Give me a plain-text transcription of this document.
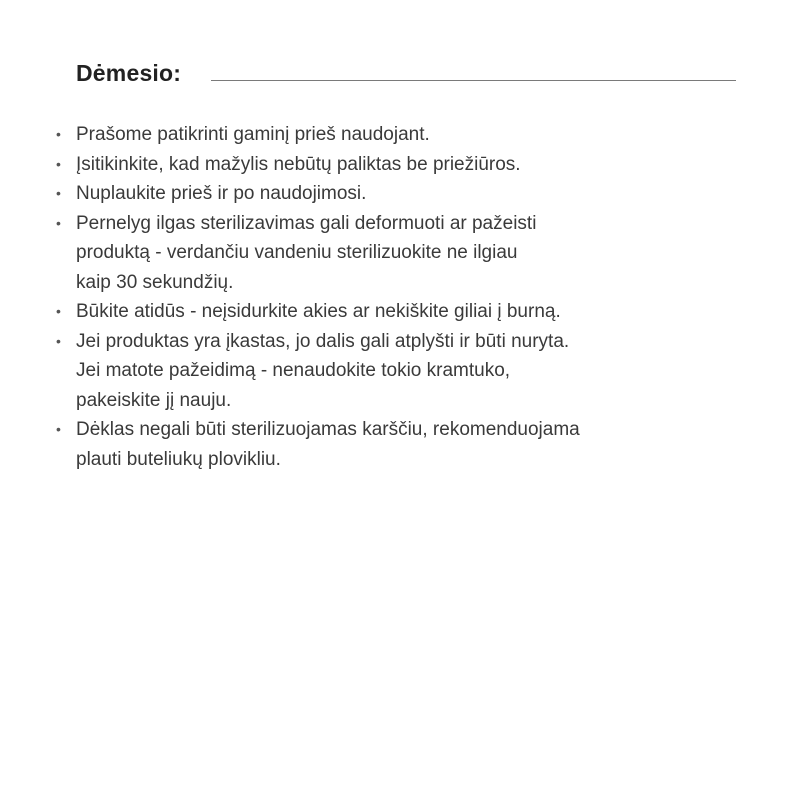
Dėmesio:
• Prašome patikrinti gaminį prieš naudojant.
• Įsitikinkite, kad mažylis nebūtų paliktas be priežiūros.
• Nuplaukite prieš ir po naudojimosi.
• Pernelyg ilgas sterilizavimas gali deformuoti ar pažeisti
produktą - verdančiu vandeniu sterilizuokite ne ilgiau
kaip 30 sekundžių.
• Būkite atidūs - neįsidurkite akies ar nekiškite giliai į burną.
• Jei produktas yra įkastas, jo dalis gali atplyšti ir būti nuryta.
Jei matote pažeidimą - nenaudokite tokio kramtuko,
pakeiskite jį nauju.
• Dėklas negali būti sterilizuojamas karščiu, rekomenduojama
plauti buteliukų plovikliu.
